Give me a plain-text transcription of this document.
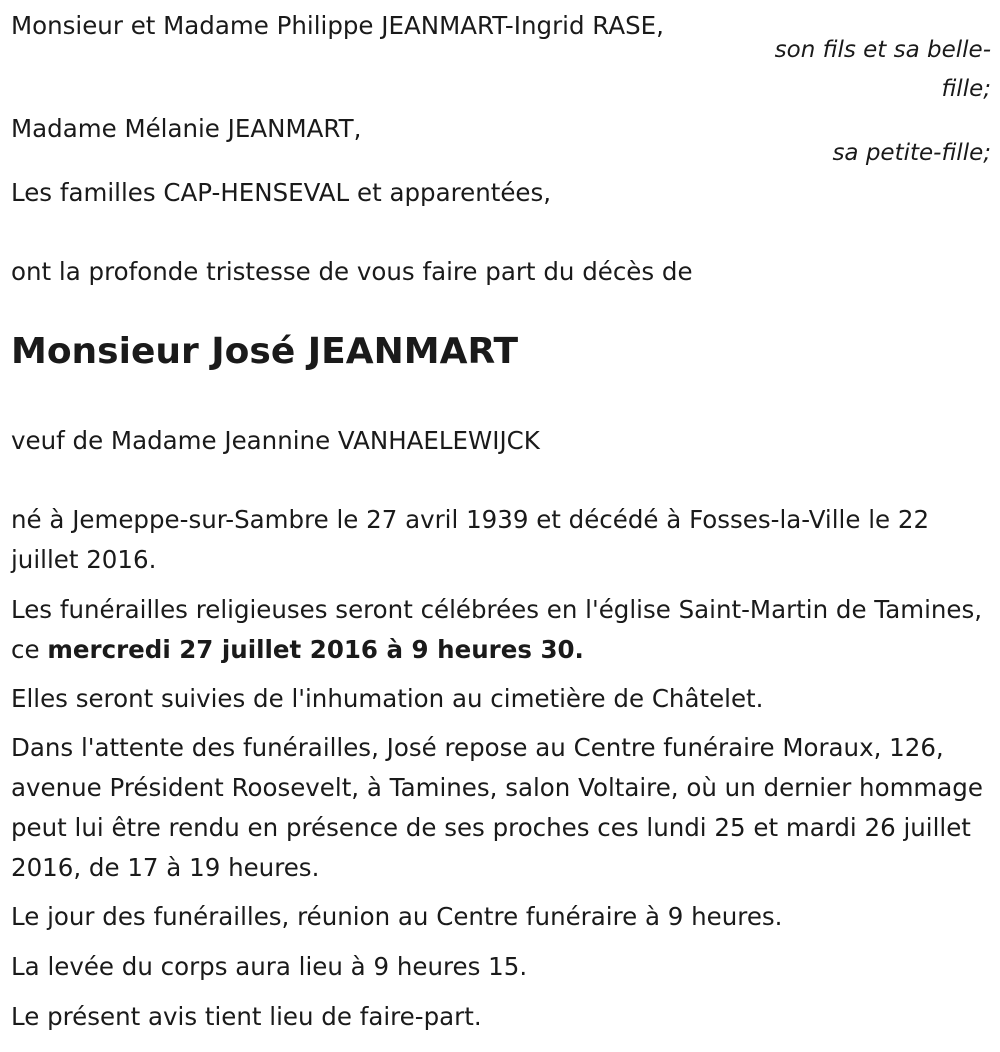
Monsieur et Madame Philippe JEANMART-Ingrid RASE,
son fils et sa belle-
fille;
Madame Mélanie JEANMART,
sa petite-fille;
Les familles CAP-HENSEVAL et apparentées,
ont la profonde tristesse de vous faire part du décès de
Monsieur José JEANMART
veuf de Madame Jeannine VANHAELEWIJCK

né à Jemeppe-sur-Sambre le 27 avril 1939 et décédé à Fosses-la-Ville le 22 juillet 2016.

Les funérailles religieuses seront célébrées en l'église Saint-Martin de Tamines, ce mercredi 27 juillet 2016 à 9 heures 30.

Elles seront suivies de l'inhumation au cimetière de Châtelet.

Dans l'attente des funérailles, José repose au Centre funéraire Moraux, 126, avenue Président Roosevelt, à Tamines, salon Voltaire, où un dernier hommage peut lui être rendu en présence de ses proches ces lundi 25 et mardi 26 juillet 2016, de 17 à 19 heures.

Le jour des funérailles, réunion au Centre funéraire à 9 heures.

La levée du corps aura lieu à 9 heures 15.

Le présent avis tient lieu de faire-part.
